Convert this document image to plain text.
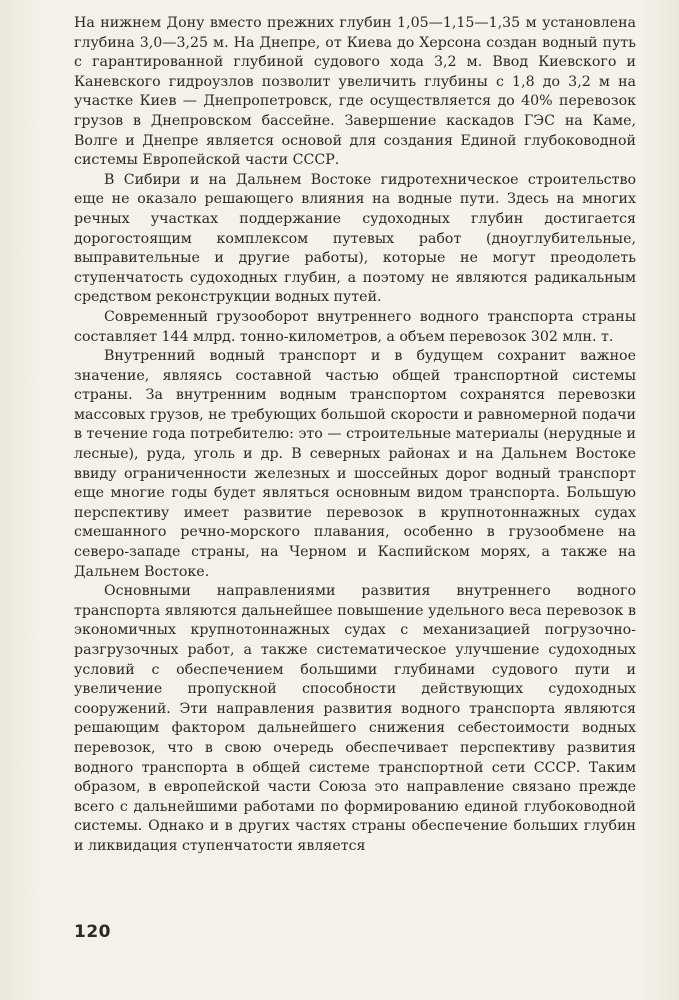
На нижнем Дону вместо прежних глубин 1,05—1,15—1,35 м установлена глубина 3,0—3,25 м. На Днепре, от Киева до Херсона создан водный путь с гарантированной глубиной судового хода 3,2 м. Ввод Киевского и Каневского гидроузлов позволит увеличить глубины с 1,8 до 3,2 м на участке Киев — Днепропетровск, где осуществляется до 40% перевозок грузов в Днепровском бассейне. Завершение каскадов ГЭС на Каме, Волге и Днепре является основой для создания Единой глубоководной системы Европейской части СССР.

В Сибири и на Дальнем Востоке гидротехническое строительство еще не оказало решающего влияния на водные пути. Здесь на многих речных участках поддержание судоходных глубин достигается дорогостоящим комплексом путевых работ (дноуглубительные, выправительные и другие работы), которые не могут преодолеть ступенчатость судоходных глубин, а поэтому не являются радикальным средством реконструкции водных путей.

Современный грузооборот внутреннего водного транспорта страны составляет 144 млрд. тонно-километров, а объем перевозок 302 млн. т.

Внутренний водный транспорт и в будущем сохранит важное значение, являясь составной частью общей транспортной системы страны. За внутренним водным транспортом сохранятся перевозки массовых грузов, не требующих большой скорости и равномерной подачи в течение года потребителю: это — строительные материалы (нерудные и лесные), руда, уголь и др. В северных районах и на Дальнем Востоке ввиду ограниченности железных и шоссейных дорог водный транспорт еще многие годы будет являться основным видом транспорта. Большую перспективу имеет развитие перевозок в крупнотоннажных судах смешанного речно-морского плавания, особенно в грузообмене на северо-западе страны, на Черном и Каспийском морях, а также на Дальнем Востоке.

Основными направлениями развития внутреннего водного транспорта являются дальнейшее повышение удельного веса перевозок в экономичных крупнотоннажных судах с механизацией погрузочно-разгрузочных работ, а также систематическое улучшение судоходных условий с обеспечением большими глубинами судового пути и увеличение пропускной способности действующих судоходных сооружений. Эти направления развития водного транспорта являются решающим фактором дальнейшего снижения себестоимости водных перевозок, что в свою очередь обеспечивает перспективу развития водного транспорта в общей системе транспортной сети СССР. Таким образом, в европейской части Союза это направление связано прежде всего с дальнейшими работами по формированию единой глубоководной системы. Однако и в других частях страны обеспечение больших глубин и ликвидация ступенчатости является

120
